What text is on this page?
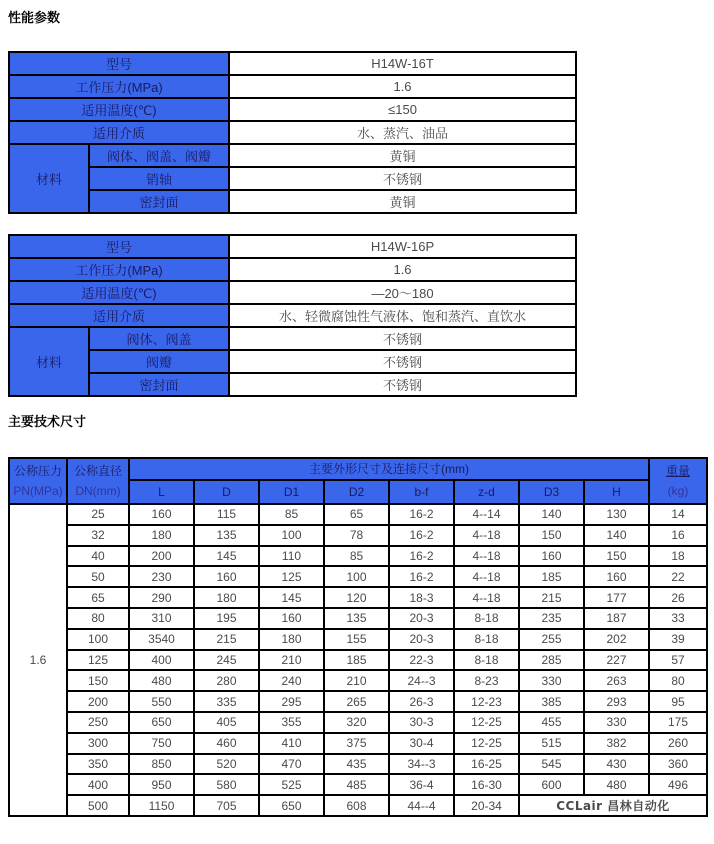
性能参数
型号		H14W-16T
工作压力(MPa)		1.6
适用温度(℃)		≤150
适用介质		水、蒸汽、油品
材料	阀体、阀盖、阀瓣	黄铜
	销轴	不锈钢
	密封面	黄铜
型号		H14W-16P
工作压力(MPa)		1.6
适用温度(℃)		—20～180
适用介质		水、轻微腐蚀性气液体、饱和蒸汽、直饮水
材料	阀体、阀盖	不锈钢
	阀瓣	不锈钢
	密封面	不锈钢
主要技术尺寸
公称压力
PN(MPa)	公称直径
DN(mm)	主要外形尺寸及连接尺寸(mm)								重量
(kg)
		L	D	D1	D2	b-f	z-d	D3	H	
1.6	25	160	115	85	65	16-2	4--14	140	130	14
	32	180	135	100	78	16-2	4--18	150	140	16
	40	200	145	110	85	16-2	4--18	160	150	18
	50	230	160	125	100	16-2	4--18	185	160	22
	65	290	180	145	120	18-3	4--18	215	177	26
	80	310	195	160	135	20-3	8-18	235	187	33
	100	3540	215	180	155	20-3	8-18	255	202	39
	125	400	245	210	185	22-3	8-18	285	227	57
	150	480	280	240	210	24--3	8-23	330	263	80
	200	550	335	295	265	26-3	12-23	385	293	95
	250	650	405	355	320	30-3	12-25	455	330	175
	300	750	460	410	375	30-4	12-25	515	382	260
	350	850	520	470	435	34--3	16-25	545	430	360
	400	950	580	525	485	36-4	16-30	600	480	496
	500	1150	705	650	608	44--4	20-34	CCLair 昌林自动化		
